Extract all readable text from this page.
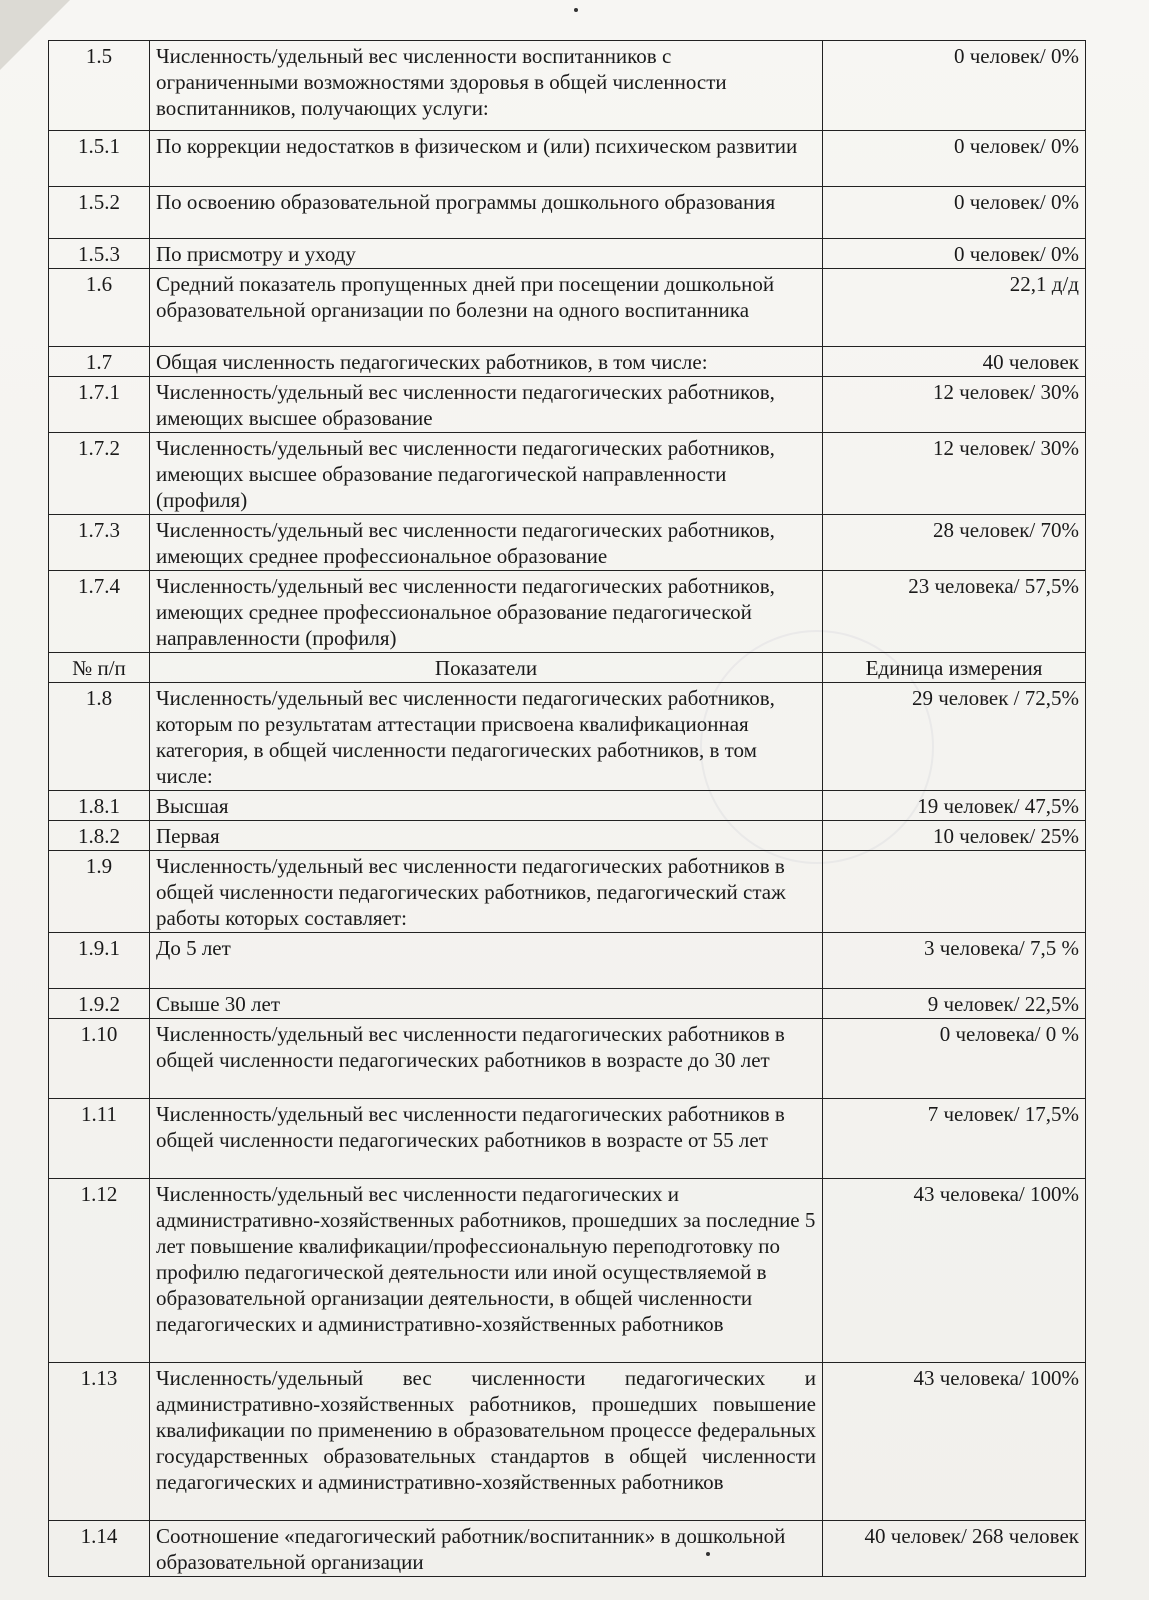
1.5	Численность/удельный вес численности воспитанников с ограниченными возможностями здоровья в общей численности воспитанников, получающих услуги:	0 человек/ 0%
1.5.1	По коррекции недостатков в физическом и (или) психическом развитии	0 человек/ 0%
1.5.2	По освоению образовательной программы дошкольного образования	0 человек/ 0%
1.5.3	По присмотру и уходу	0 человек/ 0%
1.6	Средний показатель пропущенных дней при посещении дошкольной образовательной организации по болезни на одного воспитанника	22,1 д/д
1.7	Общая численность педагогических работников, в том числе:	40 человек
1.7.1	Численность/удельный вес численности педагогических работников, имеющих высшее образование	12 человек/ 30%
1.7.2	Численность/удельный вес численности педагогических работников, имеющих высшее образование педагогической направленности (профиля)	12 человек/ 30%
1.7.3	Численность/удельный вес численности педагогических работников, имеющих среднее профессиональное образование	28 человек/ 70%
1.7.4	Численность/удельный вес численности педагогических работников, имеющих среднее профессиональное образование педагогической направленности (профиля)	23 человека/ 57,5%
№ п/п	Показатели	Единица измерения
1.8	Численность/удельный вес численности педагогических работников, которым по результатам аттестации присвоена квалификационная категория, в общей численности педагогических работников, в том числе:	29 человек / 72,5%
1.8.1	Высшая	19 человек/ 47,5%
1.8.2	Первая	10 человек/ 25%
1.9	Численность/удельный вес численности педагогических работников в общей численности педагогических работников, педагогический стаж работы которых составляет:	
1.9.1	До 5 лет	3 человека/ 7,5 %
1.9.2	Свыше 30 лет	9 человек/ 22,5%
1.10	Численность/удельный вес численности педагогических работников в общей численности педагогических работников в возрасте до 30 лет	0 человека/ 0 %
1.11	Численность/удельный вес численности педагогических работников в общей численности педагогических работников в возрасте от 55 лет	7 человек/ 17,5%
1.12	Численность/удельный вес численности педагогических и административно-хозяйственных работников, прошедших за последние 5 лет повышение квалификации/профессиональную переподготовку по профилю педагогической деятельности или иной осуществляемой в образовательной организации деятельности, в общей численности педагогических и административно-хозяйственных работников	43 человека/ 100%
1.13	Численность/удельный вес численности педагогических и административно-хозяйственных работников, прошедших повышение квалификации по применению в образовательном процессе федеральных государственных образовательных стандартов в общей численности педагогических и административно-хозяйственных работников	43 человека/ 100%
1.14	Соотношение «педагогический работник/воспитанник» в дошкольной образовательной организации	40 человек/ 268 человек
